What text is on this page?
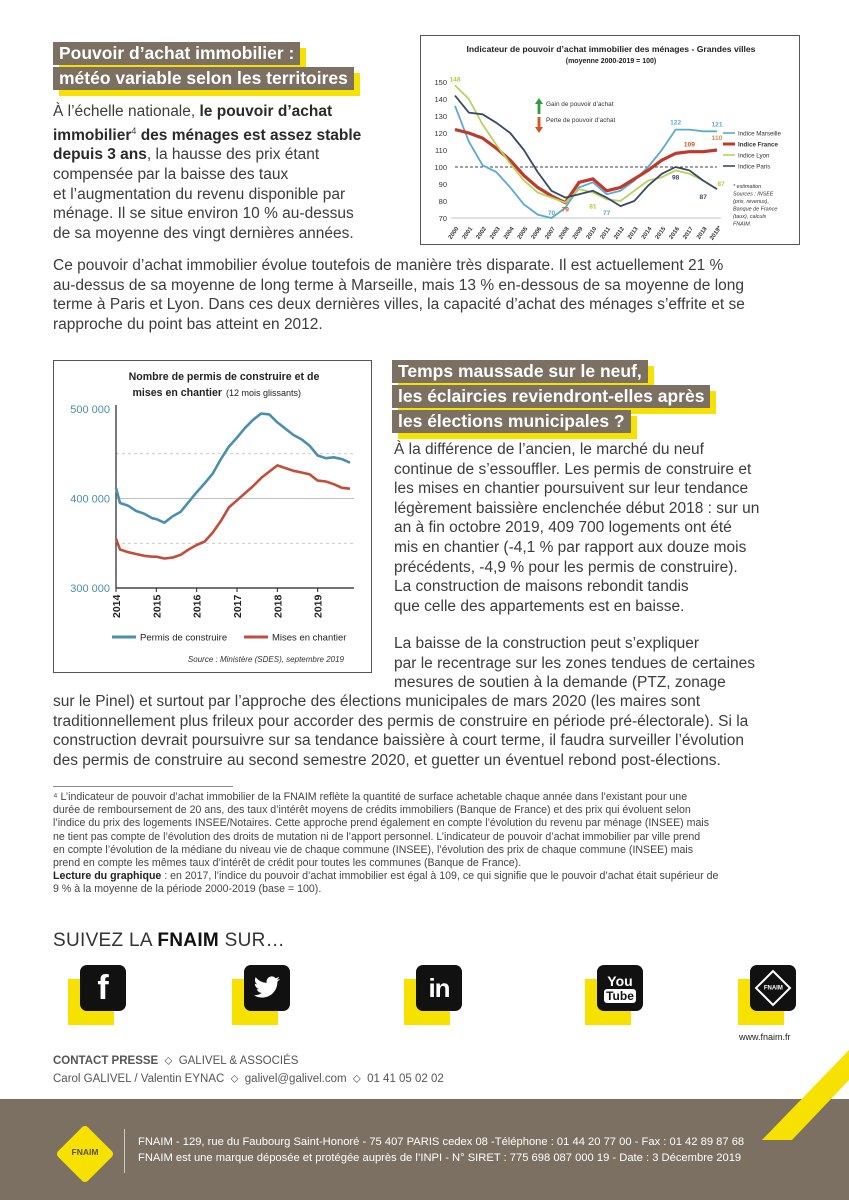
Pouvoir d’achat immobilier :
météo variable selon les territoires
À l’échelle nationale, le pouvoir d’achat
immobilier$^4$ des ménages est assez stable
depuis 3 ans, la hausse des prix étant
compensée par la baisse des taux
et l’augmentation du revenu disponible par
ménage. Il se situe environ 10 % au-dessus
de sa moyenne des vingt dernières années.
Indicateur de pouvoir d’achat immobilier des ménages - Grandes villes
(moyenne 2000-2019 = 100)
70
80
90
100
110
120
130
140
150
2000 2001 2002 2003 2004 2005 2006 2007 2008 2009 2010 2011 2012 2013 2014 2015 2016 2017 2018 2019*
148
122	121
109
110
70 79	81
77
98
87
87
Gain de pouvoir d’achat
Perte de pouvoir d’achat
Indice Marseille
Indice France
Indice Lyon
Indice Paris
* estimation
Sources : INSEE
(prix, revenus),
Banque de France
(taux), calculs
FNAIM.
Ce pouvoir d’achat immobilier évolue toutefois de manière très disparate. Il est actuellement 21 %
au-dessus de sa moyenne de long terme à Marseille, mais 13 % en-dessous de sa moyenne de long
terme à Paris et Lyon. Dans ces deux dernières villes, la capacité d’achat des ménages s’effrite et se
rapproche du point bas atteint en 2012.
Nombre de permis de construire et de
mises en chantier (12 mois glissants)
300 000
400 000
500 000
2014	2015	2016	2017	2018	2019
Permis de construire	Mises en chantier
Source : Ministère (SDES), septembre 2019
Temps maussade sur le neuf,
les éclaircies reviendront-elles après
les élections municipales ?
À la différence de l’ancien, le marché du neuf
continue de s’essouffler. Les permis de construire et
les mises en chantier poursuivent sur leur tendance
légèrement baissière enclenchée début 2018 : sur un
an à fin octobre 2019, 409 700 logements ont été
mis en chantier (-4,1 % par rapport aux douze mois
précédents, -4,9 % pour les permis de construire).
La construction de maisons rebondit tandis
que celle des appartements est en baisse.
La baisse de la construction peut s’expliquer
par le recentrage sur les zones tendues de certaines
mesures de soutien à la demande (PTZ, zonage
sur le Pinel) et surtout par l’approche des élections municipales de mars 2020 (les maires sont
traditionnellement plus frileux pour accorder des permis de construire en période pré-électorale). Si la
construction devrait poursuivre sur sa tendance baissière à court terme, il faudra surveiller l’évolution
des permis de construire au second semestre 2020, et guetter un éventuel rebond post-élections.
⁴ L’indicateur de pouvoir d’achat immobilier de la FNAIM reflète la quantité de surface achetable chaque année dans l’existant pour une
durée de remboursement de 20 ans, des taux d’intérêt moyens de crédits immobiliers (Banque de France) et des prix qui évoluent selon
l’indice du prix des logements INSEE/Notaires. Cette approche prend également en compte l’évolution du revenu par ménage (INSEE) mais
ne tient pas compte de l’évolution des droits de mutation ni de l’apport personnel. L’indicateur de pouvoir d’achat immobilier par ville prend
en compte l’évolution de la médiane du niveau vie de chaque commune (INSEE), l’évolution des prix de chaque commune (INSEE) mais
prend en compte les mêmes taux d’intérêt de crédit pour toutes les communes (Banque de France).
Lecture du graphique : en 2017, l’indice du pouvoir d’achat immobilier est égal à 109, ce qui signifie que le pouvoir d’achat était supérieur de
9 % à la moyenne de la période 2000-2019 (base = 100).
SUIVEZ LA FNAIM SUR…
f	in	You
Tube
FNAIM
www.fnaim.fr
CONTACT PRESSE ⬦ GALIVEL & ASSOCIÉS
Carol GALIVEL / Valentin EYNAC ⬦ galivel@galivel.com ⬦ 01 41 05 02 02
FNAIM
FNAIM - 129, rue du Faubourg Saint-Honoré - 75 407 PARIS cedex 08 -Téléphone : 01 44 20 77 00 - Fax : 01 42 89 87 68
FNAIM est une marque déposée et protégée auprès de l’INPI - N° SIRET : 775 698 087 000 19 - Date : 3 Décembre 2019
